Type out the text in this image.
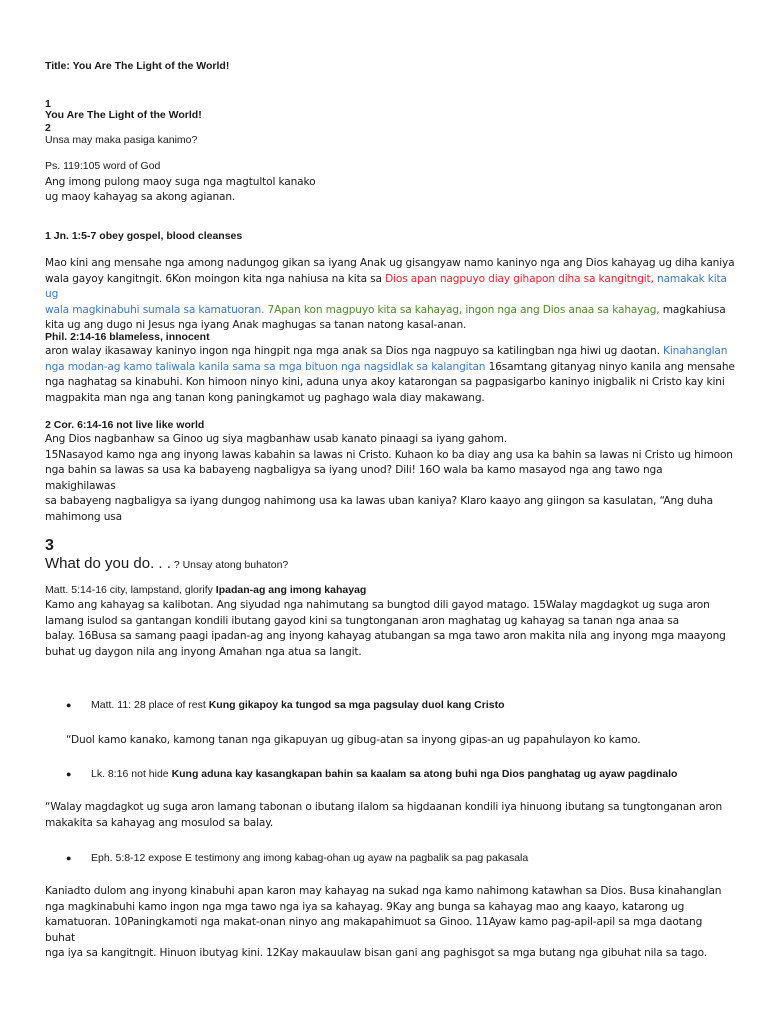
Title: You Are The Light of the World!
1
You Are The Light of the World!
2
Unsa may maka pasiga kanimo?
Ps. 119:105 word of God
Ang imong pulong maoy suga nga magtultol kanako
ug maoy kahayag sa akong agianan.
1 Jn. 1:5-7 obey gospel, blood cleanses
Mao kini ang mensahe nga among nadungog gikan sa iyang Anak ug gisangyaw namo kaninyo nga ang Dios kahayag ug diha kaniya
wala gayoy kangitngit. 6Kon moingon kita nga nahiusa na kita sa Dios apan nagpuyo diay gihapon diha sa kangitngit, namakak kita ug
wala magkinabuhi sumala sa kamatuoran. 7Apan kon magpuyo kita sa kahayag, ingon nga ang Dios anaa sa kahayag, magkahiusa
kita ug ang dugo ni Jesus nga iyang Anak maghugas sa tanan natong kasal-anan.
Phil. 2:14-16 blameless, innocent
aron walay ikasaway kaninyo ingon nga hingpit nga mga anak sa Dios nga nagpuyo sa katilingban nga hiwi ug daotan. Kinahanglan
nga modan-ag kamo taliwala kanila sama sa mga bituon nga nagsidlak sa kalangitan 16samtang gitanyag ninyo kanila ang mensahe
nga naghatag sa kinabuhi. Kon himoon ninyo kini, aduna unya akoy katarongan sa pagpasigarbo kaninyo inigbalik ni Cristo kay kini
magpakita man nga ang tanan kong paningkamot ug paghago wala diay makawang.
2 Cor. 6:14-16 not live like world
Ang Dios nagbanhaw sa Ginoo ug siya magbanhaw usab kanato pinaagi sa iyang gahom.
15Nasayod kamo nga ang inyong lawas kabahin sa lawas ni Cristo. Kuhaon ko ba diay ang usa ka bahin sa lawas ni Cristo ug himoon
nga bahin sa lawas sa usa ka babayeng nagbaligya sa iyang unod? Dili! 16O wala ba kamo masayod nga ang tawo nga makighilawas
sa babayeng nagbaligya sa iyang dungog nahimong usa ka lawas uban kaniya? Klaro kaayo ang giingon sa kasulatan, “Ang duha
mahimong usa
3
What do you do. . . ? Unsay atong buhaton?
Matt. 5:14-16 city, lampstand, glorify Ipadan-ag ang imong kahayag
Kamo ang kahayag sa kalibotan. Ang siyudad nga nahimutang sa bungtod dili gayod matago. 15Walay magdagkot ug suga aron
lamang isulod sa gantangan kondili ibutang gayod kini sa tungtonganan aron maghatag ug kahayag sa tanan nga anaa sa
balay. 16Busa sa samang paagi ipadan-ag ang inyong kahayag atubangan sa mga tawo aron makita nila ang inyong mga maayong
buhat ug daygon nila ang inyong Amahan nga atua sa langit.
● Matt. 11: 28 place of rest Kung gikapoy ka tungod sa mga pagsulay duol kang Cristo
“Duol kamo kanako, kamong tanan nga gikapuyan ug gibug-atan sa inyong gipas-an ug papahulayon ko kamo.
● Lk. 8:16 not hide Kung aduna kay kasangkapan bahin sa kaalam sa atong buhi nga Dios panghatag ug ayaw pagdinalo
“Walay magdagkot ug suga aron lamang tabonan o ibutang ilalom sa higdaanan kondili iya hinuong ibutang sa tungtonganan aron
makakita sa kahayag ang mosulod sa balay.
● Eph. 5:8-12 expose E testimony ang imong kabag-ohan ug ayaw na pagbalik sa pag pakasala
Kaniadto dulom ang inyong kinabuhi apan karon may kahayag na sukad nga kamo nahimong katawhan sa Dios. Busa kinahanglan
nga magkinabuhi kamo ingon nga mga tawo nga iya sa kahayag. 9Kay ang bunga sa kahayag mao ang kaayo, katarong ug
kamatuoran. 10Paningkamoti nga makat-onan ninyo ang makapahimuot sa Ginoo. 11Ayaw kamo pag-apil-apil sa mga daotang buhat
nga iya sa kangitngit. Hinuon ibutyag kini. 12Kay makauulaw bisan gani ang paghisgot sa mga butang nga gibuhat nila sa tago.
